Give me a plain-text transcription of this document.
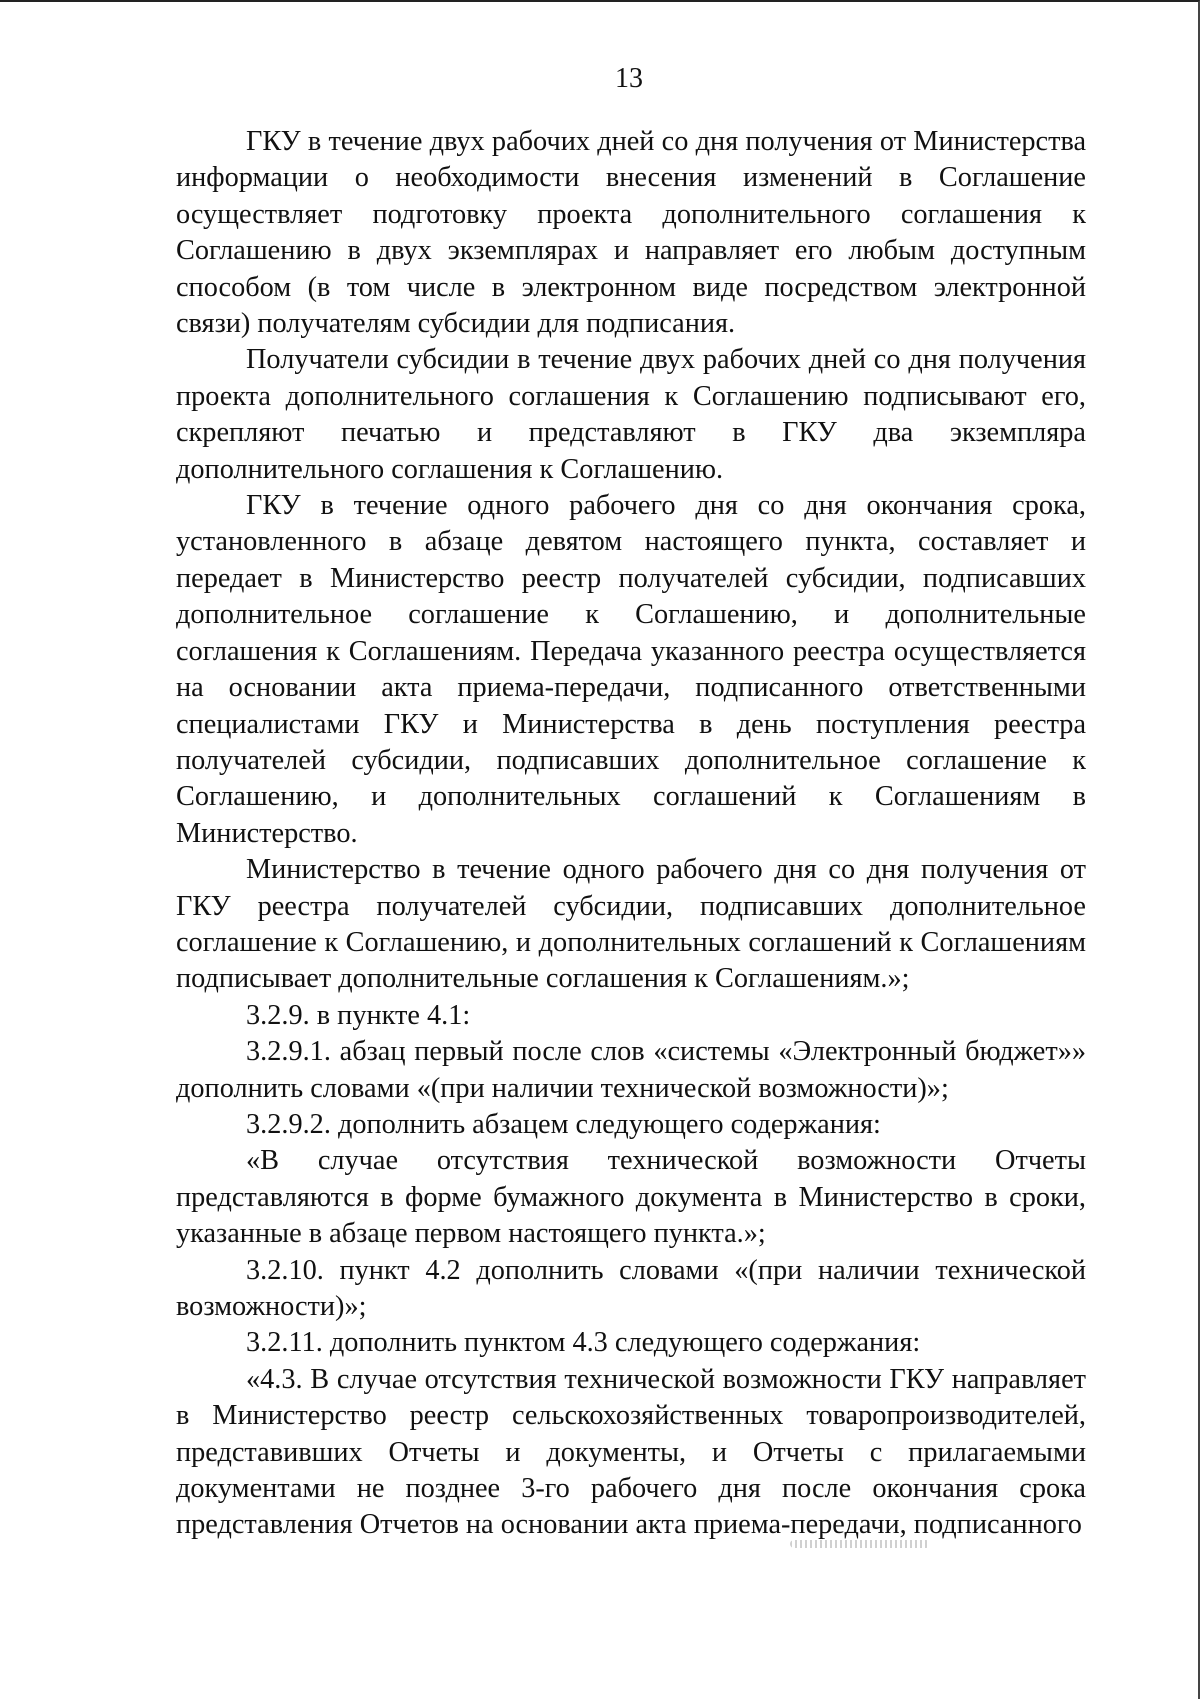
13

ГКУ в течение двух рабочих дней со дня получения от Министерства информации о необходимости внесения изменений в Соглашение осуществляет подготовку проекта дополнительного соглашения к Соглашению в двух экземплярах и направляет его любым доступным способом (в том числе в электронном виде посредством электронной связи) получателям субсидии для подписания.

Получатели субсидии в течение двух рабочих дней со дня получения проекта дополнительного соглашения к Соглашению подписывают его, скрепляют печатью и представляют в ГКУ два экземпляра дополнительного соглашения к Соглашению.

ГКУ в течение одного рабочего дня со дня окончания срока, установленного в абзаце девятом настоящего пункта, составляет и передает в Министерство реестр получателей субсидии, подписавших дополнительное соглашение к Соглашению, и дополнительные соглашения к Соглашениям. Передача указанного реестра осуществляется на основании акта приема-передачи, подписанного ответственными специалистами ГКУ и Министерства в день поступления реестра получателей субсидии, подписавших дополнительное соглашение к Соглашению, и дополнительных соглашений к Соглашениям в Министерство.

Министерство в течение одного рабочего дня со дня получения от ГКУ реестра получателей субсидии, подписавших дополнительное соглашение к Соглашению, и дополнительных соглашений к Соглашениям подписывает дополнительные соглашения к Соглашениям.»;

3.2.9. в пункте 4.1:

3.2.9.1. абзац первый после слов «системы «Электронный бюджет»» дополнить словами «(при наличии технической возможности)»;

3.2.9.2. дополнить абзацем следующего содержания:

«В случае отсутствия технической возможности Отчеты представляются в форме бумажного документа в Министерство в сроки, указанные в абзаце первом настоящего пункта.»;

3.2.10. пункт 4.2 дополнить словами «(при наличии технической возможности)»;

3.2.11. дополнить пунктом 4.3 следующего содержания:

«4.3. В случае отсутствия технической возможности ГКУ направляет в Министерство реестр сельскохозяйственных товаропроизводителей, представивших Отчеты и документы, и Отчеты с прилагаемыми документами не позднее 3-го рабочего дня после окончания срока представления Отчетов на основании акта приема-передачи, подписанного
